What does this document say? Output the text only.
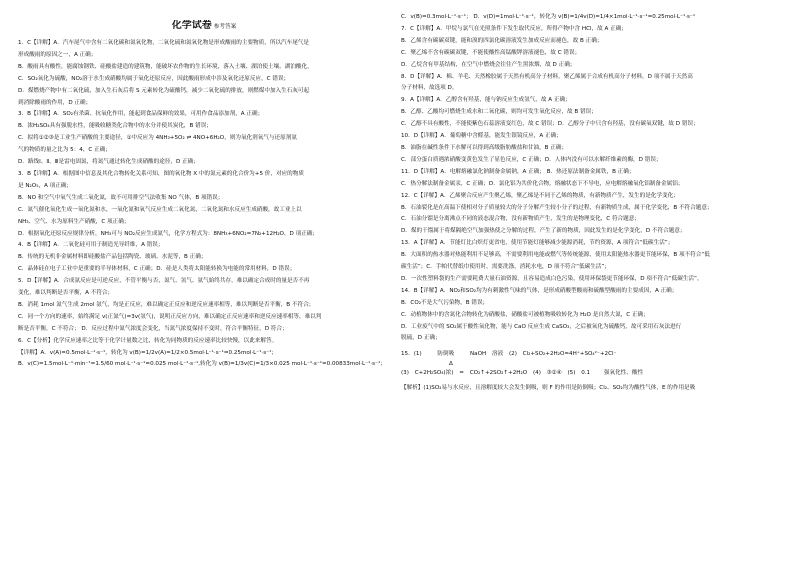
化学试卷 参考答案
1．C【详解】A．汽车尾气中含有二氧化碳和氮氧化物，二氧化硫和氮氧化物是形成酸雨的主要物质，所以汽车尾气是
形成酸雨的原因之一，A 正确；
B．酸雨具有酸性，能腐蚀钢铁、硅酸盐建造的建筑物，能破坏农作物的生长环境，落入土壤、湖泊使土壤、湖泊酸化，
C．SO₂氧化为硫酸，NO₂溶于水生成硝酸均属于氧化还原反应，因此酸雨形成中涉及氧化还原反应，C 错误；
D．煤燃烧产物中有二氧化硫，加入生石灰后将 S 元素转化为硫酸钙，减少二氧化硫的排放，则燃煤中加入生石灰可起
到消除酸雨的作用，D 正确；
3．B【详解】A．SO₂有杀菌、抗氧化作用，能起到食品保鲜的效果，可用作食品添加剂，A 正确；
B．浓H₂SO₄具有强脱水性，能吸收糖类化合物中的水分并使其炭化，B 错误；
C．拟将①②③是工业生产硝酸的主要途径，①中反应为 4NH₃+5O₂ ⇌ 4NO+6H₂O，则为氧化剂氧气与还原剂氨
气的物质的量之比为 5：4，C 正确；
D．路线Ⅰ、Ⅱ、Ⅲ是雷电固氮，将氮气通过转化生成硝酸的途径，D 正确；
3．B【详解】A．根据图中信息及其化合物转化关系可知，图的氧化物 X 中的氮元素的化合价为+5 价，对应的物质
是 N₂O₅，A 项正确；
B．NO 和空气中氧气生成二氧化氮，故不可用排空气法收集 NO 气体，B 项错误；
C．氮气催化氧化生成一氧化氮和水，一氧化氮和氧气反应生成二氧化氮，二氧化氮和水反应生成硝酸，故工业上以
NH₃、空气、水为原料生产硝酸，C 项正确；
D．根据氧化还原反应规律分析，NH₃可与 NO₂反应生成氮气，化学方程式为：8NH₃+6NO₂=7N₂+12H₂O，D 项正确；
4．B【详解】A．二氧化硅可用于制造光导纤维，A 错误；
B．传统的无机非金属材料即硅酸盐产品包括陶瓷、玻璃、水泥等，B 正确；
C．晶体硅在电子工业中是重要的半导体材料，C 正确；D．硅是人类将太阳能转换为电能的常用材料，D 错误；
5．D【详解】A．合成氨反应是可逆反应，不管平衡与否，氮气、氢气、氨气始终共存，难以确定合成时的量是否不再
变化，难以判断是否平衡，A 不符合；
B．消耗 1mol 氮气生成 2mol 氨气，均是正反应，难以确定正反应和逆反应速率相等，难以判断是否平衡，B 不符合；
C．同一个方向的速率，始终满足 v(正氮气)=3v(氢气)，说明正反应方向，难以确定正反应速率和逆反应速率相等，难以判
断是否平衡，C 不符合； D．反应过程中氮气浓度会变化，当氮气浓度保持不变时，符合平衡特征，D 符合；
6．C【分析】化学反应速率之比等于化学计量数之比，转化为同物质的反应速率比较快慢，以此来解答。
【详解】A．v(A)=0.5mol·L⁻¹·s⁻¹，转化为 v(B)=1/2v(A)=1/2×0.5mol·L⁻¹·s⁻¹=0.25mol·L⁻¹·s⁻¹；
B．v(C)=1.5mol·L⁻¹·min⁻¹=1.5/60 mol·L⁻¹·s⁻¹=0.025 mol·L⁻¹·s⁻¹,转化为 v(B)=1/3v(C)=1/3×0.025 mol·L⁻¹·s⁻¹=0.00833mol·L⁻¹·s⁻¹；
C．v(B)=0.3mol·L⁻¹·s⁻¹； D．v(D)=1mol·L⁻¹·s⁻¹，转化为 v(B)=1/4v(D)=1/4×1mol·L⁻¹·s⁻¹=0.25mol·L⁻¹·s⁻¹
7．C【详解】A．甲烷与氯气在光照条件下发生取代反应，所得产物中含 HCl，故 A 正确；
B．乙烯含有碳碳双键，能和溴的四氯化碳溶液发生加成反应而褪色，故 B 正确；
C．聚乙烯不含有碳碳双键，不能使酸性高锰酸钾溶液褪色，故 C 错误；
D．乙烷含有甲基结构，在空气中燃烧会往往产生黑浓烟，故 D 正确；
8．D【详解】A．棉、羊毛、天然橡胶属于天然有机高分子材料，聚乙烯属于合成有机高分子材料，D 项不属于天然高
分子材料，故选项 D。
9．A【详解】A．乙醇含有羟基，能与钠反应生成氢气，故 A 正确；
B．乙醇、乙酸均可燃烧生成水和二氧化碳，则均可发生氧化反应，故 B 错误；
C．乙醇不具有酸性，不能使紫色石蕊溶液变红色，故 C 错误；D．乙醇分子中只含有羟基，没有碳氧双键，故 D 错误；
10．D【详解】A．葡萄糖中含醛基，能发生银镜反应，A 正确；
B．油脂在碱性条件下水解可以得到高级脂肪酸盐和甘油，B 正确；
C．部分蛋白质遇浓硝酸变黄色发生了显色反应，C 正确；D．人体内没有可以水解纤维素的酶，D 错误；
11．D【详解】A．电解熔融氯化钠制备金属钠，A 正确； B．热还原法制备金属铁，B 正确；
C．热分解法制备金属汞，C 正确；D．氯化铝为共价化合物，熔融状态下不导电，应电解熔融氧化铝制备金属铝；
12．C【详解】A．乙烯聚合反应产生聚乙烯，聚乙烯是不同于乙烯的物质，有新物质产生，发生的是化学变化；
B．石油裂化是在高温下使相对分子质量较大的分子分解产生较小分子的过程，有新物质生成，属于化学变化，B 不符合题意；
C．石油分馏是分离沸点不同的液态混合物，没有新物质产生，发生的是物理变化，C 符合题意；
D．煤的干馏属于将煤隔绝空气加强热使之分解的过程，产生了新的物质，因此发生的是化学变化，D 不符合题意；
13．A【详解】A．节能灯比白炽灯更省电，使用节能灯能够减少能源消耗，节约资源，A 项符合“低碳生活”；
B．大面积的热水器对热能利用不足够高，不需要利用电能或燃气等传统能源，使用太阳能热水器更节能环保，B 项不符合“低
碳生活”；C．手帕代替纸巾使用时，需要洗涤，消耗水电，D 项不符合“低碳生活”；
D．一次性塑料袋的生产需要耗费大量石油资源，且容易造成白色污染，使用环保袋更节能环保，D 项不符合“低碳生活”。
14．B【详解】A．NO₂和SO₂均为有刺激性气味的气体，是形成硝酸型酸雨和硫酸型酸雨的主要成因，A 正确；
B．CO₂不是大气污染物，B 错误；
C．动植物体中的含氮化合物转化为硝酸盐，硝酸盐可被植物吸收转化为 H₂O 是自然大氮，C 正确；
D．工业废气中的 SO₂属于酸性氧化物，能与 CaO 反应生成 CaSO₃，之后被氧化为硫酸钙，故可采用石灰法进行
脱硫，D 正确；
15．(1)	防倒吸	NaOH 溶液 (2) Cl₂+SO₂+2H₂O=4H⁺+SO₄²⁻+2Cl⁻
Δ
(3) C+2H₂SO₄(浓) = CO₂↑+2SO₂↑+2H₂O (4) ③②④ (5) 0.1 强氧化性、酸性
【解析】(1)SO₂易与水反应，且溶解度较大会发生倒吸，则 F 的作用是防倒吸；Cl₂、SO₂均为酸性气体，E 的作用是吸
